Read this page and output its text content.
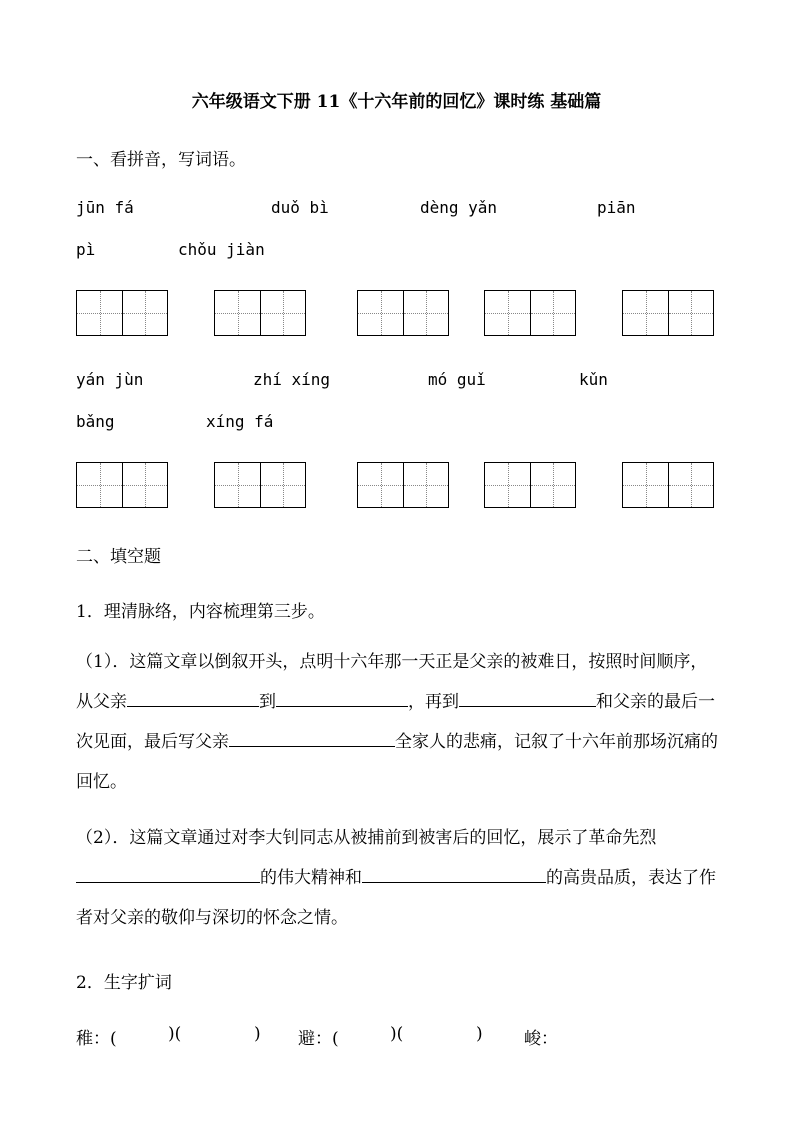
六年级语文下册 11《十六年前的回忆》课时练 基础篇
一、看拼音，写词语。
jūn fá	duǒ bì	dèng yǎn	piān
pì	chǒu jiàn
yán jùn	zhí xíng	mó guǐ	kǔn
bǎng	xíng fá
二、填空题
1．理清脉络，内容梳理第三步。
（1）．这篇文章以倒叙开头，点明十六年那一天正是父亲的被难日，按照时间顺序，从父亲	到	，再到	和父亲的最后一次见面，最后写父亲	全家人的悲痛，记叙了十六年前那场沉痛的回忆。
（2）．这篇文章通过对李大钊同志从被捕前到被害后的回忆，展示了革命先烈的伟大精神和	的高贵品质，表达了作者对父亲的敬仰与深切的怀念之情。
2．生字扩词
稚：(	)(	) 避：(	)(	) 峻：
